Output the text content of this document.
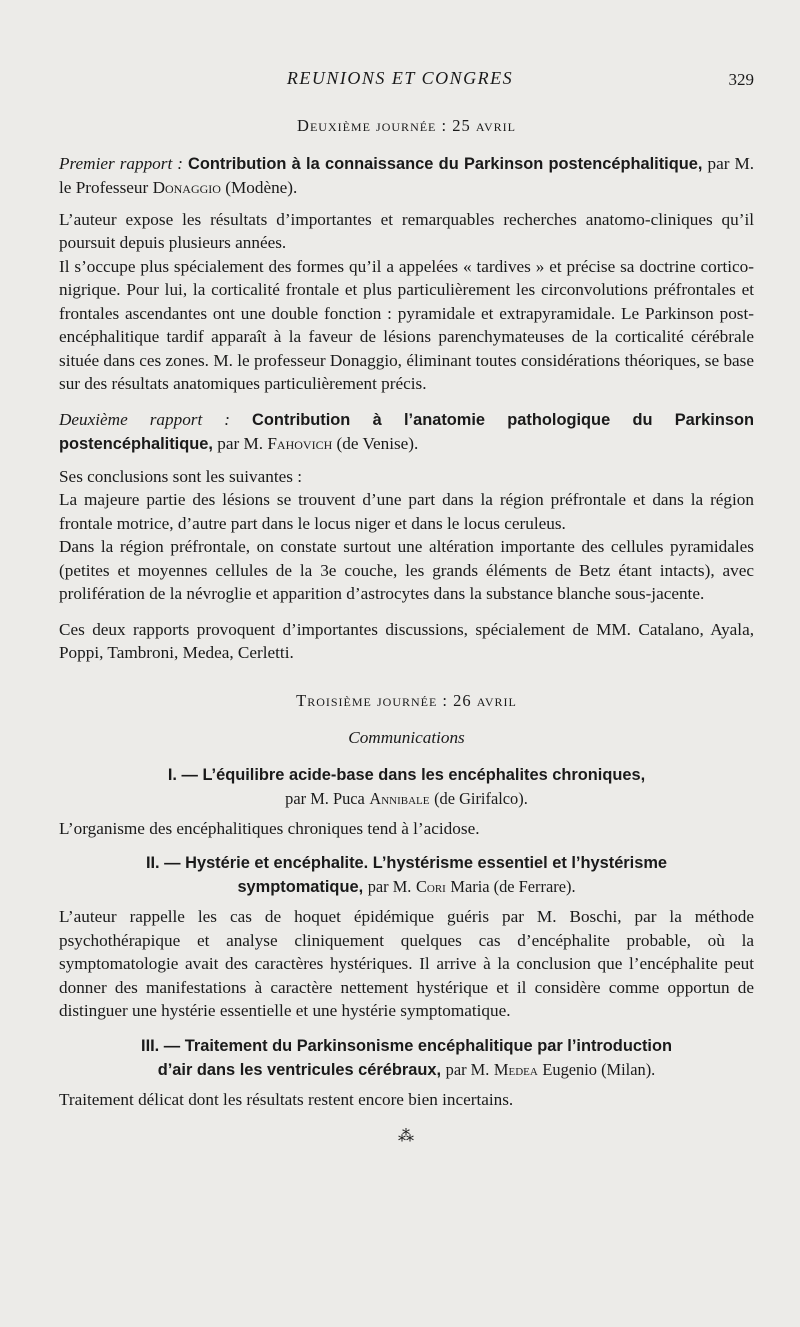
REUNIONS ET CONGRES	329
Deuxième journée : 25 avril
Premier rapport : Contribution à la connaissance du Parkinson postencéphalitique, par M. le Professeur Donaggio (Modène).

L’auteur expose les résultats d’importantes et remarquables recherches anatomo-cliniques qu’il poursuit depuis plusieurs années.

Il s’occupe plus spécialement des formes qu’il a appelées « tardives » et précise sa doctrine cortico-nigrique. Pour lui, la corticalité frontale et plus particulièrement les circonvolutions préfrontales et frontales ascendantes ont une double fonction : pyramidale et extrapyramidale. Le Parkinson post-encéphalitique tardif apparaît à la faveur de lésions parenchymateuses de la corticalité cérébrale située dans ces zones. M. le professeur Donaggio, éliminant toutes considérations théoriques, se base sur des résultats anatomiques particulièrement précis.

Deuxième rapport : Contribution à l’anatomie pathologique du Parkinson postencéphalitique, par M. Fahovich (de Venise).

Ses conclusions sont les suivantes :

La majeure partie des lésions se trouvent d’une part dans la région préfrontale et dans la région frontale motrice, d’autre part dans le locus niger et dans le locus ceruleus.

Dans la région préfrontale, on constate surtout une altération importante des cellules pyramidales (petites et moyennes cellules de la 3e couche, les grands éléments de Betz étant intacts), avec prolifération de la névroglie et apparition d’astrocytes dans la substance blanche sous-jacente.

Ces deux rapports provoquent d’importantes discussions, spécialement de MM. Catalano, Ayala, Poppi, Tambroni, Medea, Cerletti.

Troisième journée : 26 avril
Communications
I. — L’équilibre acide-base dans les encéphalites chroniques,
par M. Puca Annibale (de Girifalco).

L’organisme des encéphalitiques chroniques tend à l’acidose.

II. — Hystérie et encéphalite. L’hystérisme essentiel et l’hystérisme
symptomatique, par M. Cori Maria (de Ferrare).

L’auteur rappelle les cas de hoquet épidémique guéris par M. Boschi, par la méthode psychothérapique et analyse cliniquement quelques cas d’encéphalite probable, où la symptomatologie avait des caractères hystériques. Il arrive à la conclusion que l’encéphalite peut donner des manifestations à caractère nettement hystérique et il considère comme opportun de distinguer une hystérie essentielle et une hystérie symptomatique.

III. — Traitement du Parkinsonisme encéphalitique par l’introduction
d’air dans les ventricules cérébraux, par M. Medea Eugenio (Milan).

Traitement délicat dont les résultats restent encore bien incertains.

⁂
